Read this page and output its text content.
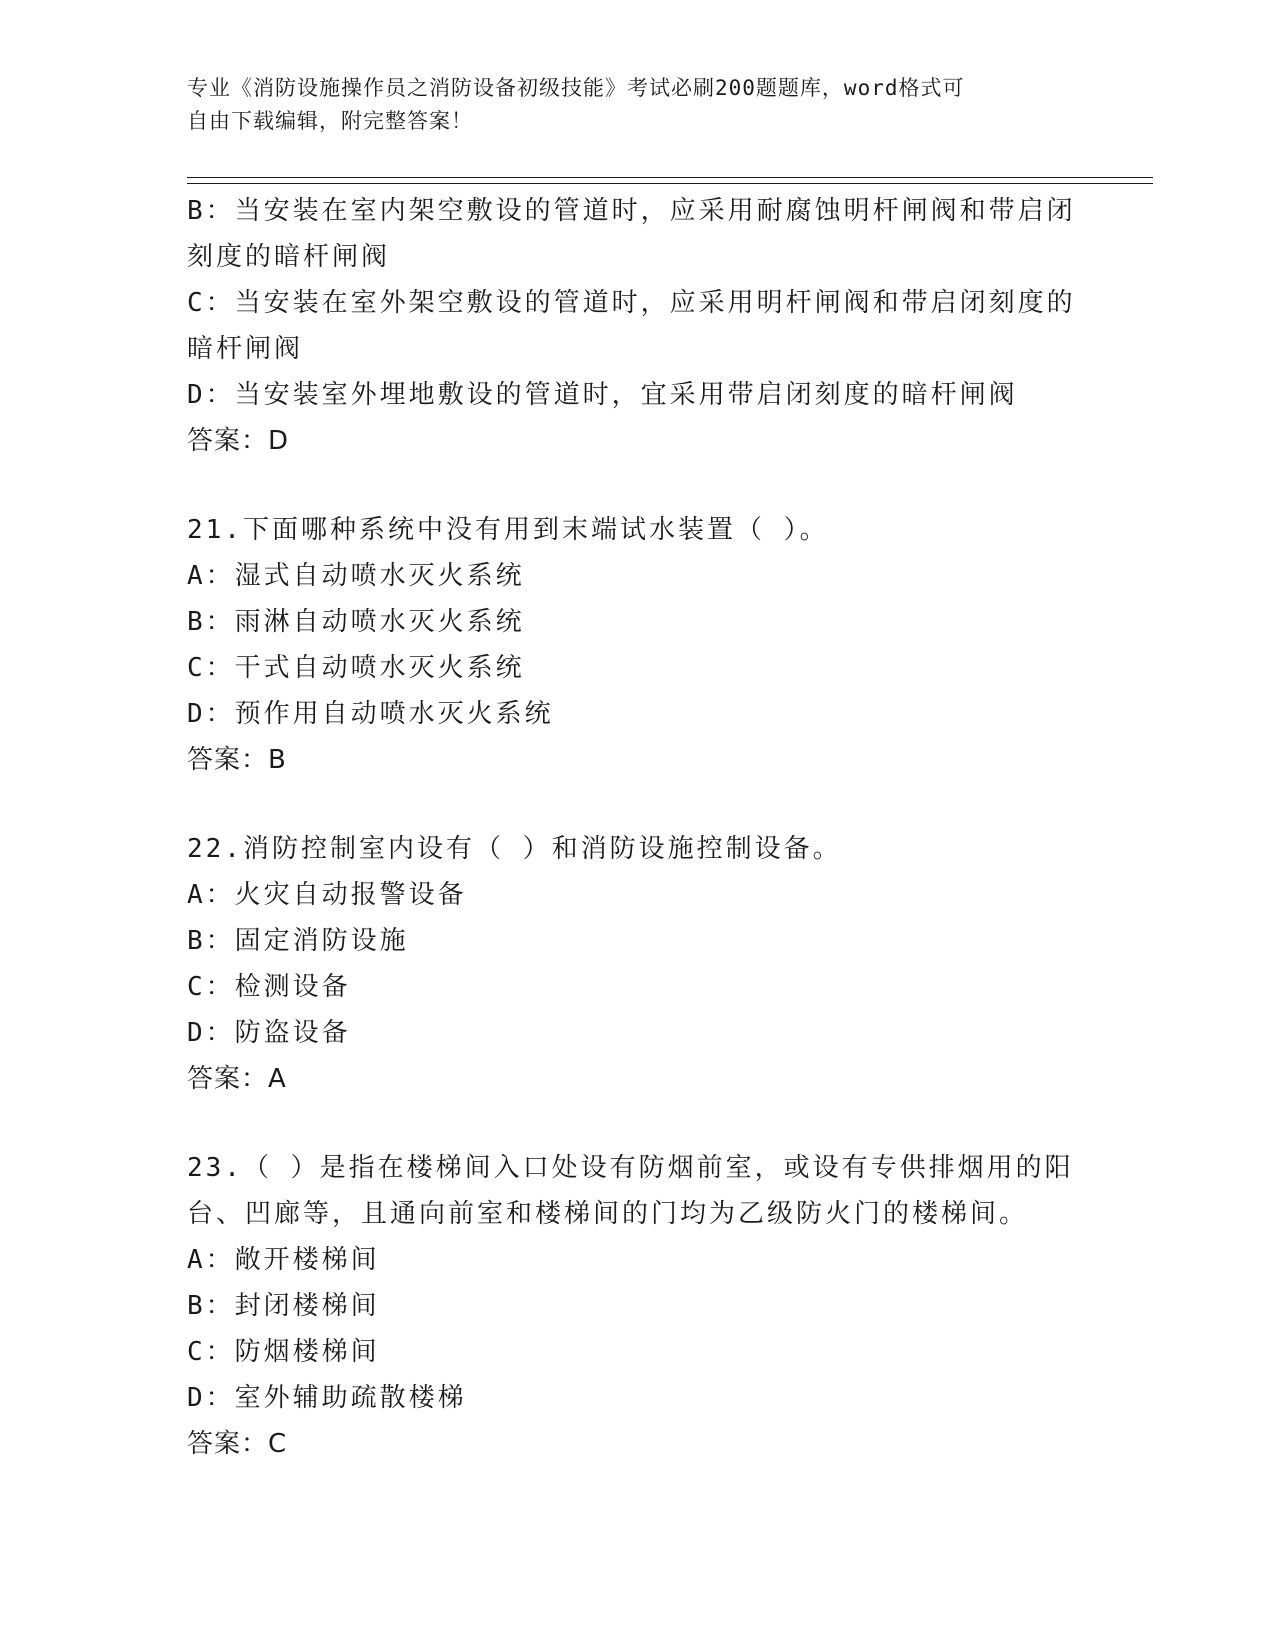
专业《消防设施操作员之消防设备初级技能》考试必刷200题题库，word格式可
自由下载编辑，附完整答案！
B：当安装在室内架空敷设的管道时，应采用耐腐蚀明杆闸阀和带启闭
刻度的暗杆闸阀
C：当安装在室外架空敷设的管道时，应采用明杆闸阀和带启闭刻度的
暗杆闸阀
D：当安装室外埋地敷设的管道时，宜采用带启闭刻度的暗杆闸阀
答案：D
21.下面哪种系统中没有用到末端试水装置（ ）。
A：湿式自动喷水灭火系统
B：雨淋自动喷水灭火系统
C：干式自动喷水灭火系统
D：预作用自动喷水灭火系统
答案：B
22.消防控制室内设有（ ）和消防设施控制设备。
A：火灾自动报警设备
B：固定消防设施
C：检测设备
D：防盗设备
答案：A
23.（ ）是指在楼梯间入口处设有防烟前室，或设有专供排烟用的阳
台、凹廊等，且通向前室和楼梯间的门均为乙级防火门的楼梯间。
A：敞开楼梯间
B：封闭楼梯间
C：防烟楼梯间
D：室外辅助疏散楼梯
答案：C
